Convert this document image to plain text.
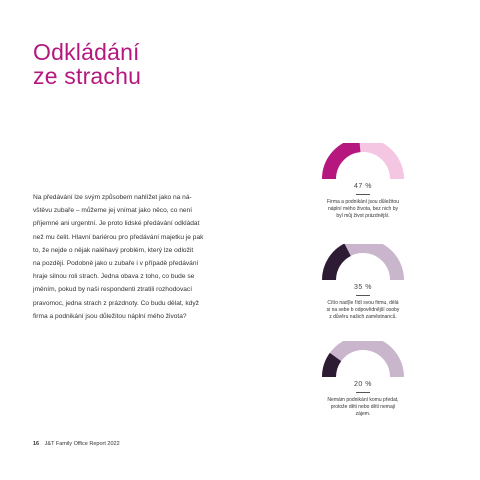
Odkládání
ze strachu
Na předávání lze svým způsobem nahlížet jako na ná-
vštěvu zubaře – můžeme jej vnímat jako něco, co není
příjemné ani urgentní. Je proto lidské předávání odkládat
než mu čelit. Hlavní bariérou pro předávání majetku je pak
to, že nejde o nějak naléhavý problém, který lze odložit
na později. Podobně jako u zubaře i v případě předávání
hraje silnou roli strach. Jedna obava z toho, co bude se
jměním, pokud by naši respondenti ztratili rozhodovací
pravomoc, jedna strach z prázdnoty. Co budu dělat, když
firma a podnikání jsou důležitou náplní mého života?
47 %
Firma a podnikání jsou důležitou
náplní mého života, bez nich by
byl můj život prázdnější.
35 %
Cítío nad(le řídí svou firmu, dělá
si na sebe b odpovědnější osoby
z důvěru našich zaměstnanců.
20 %
Nemám podnikání komu předat,
protože děti nebo děti nemají
zájem.
16 J&T Family Office Report 2022
